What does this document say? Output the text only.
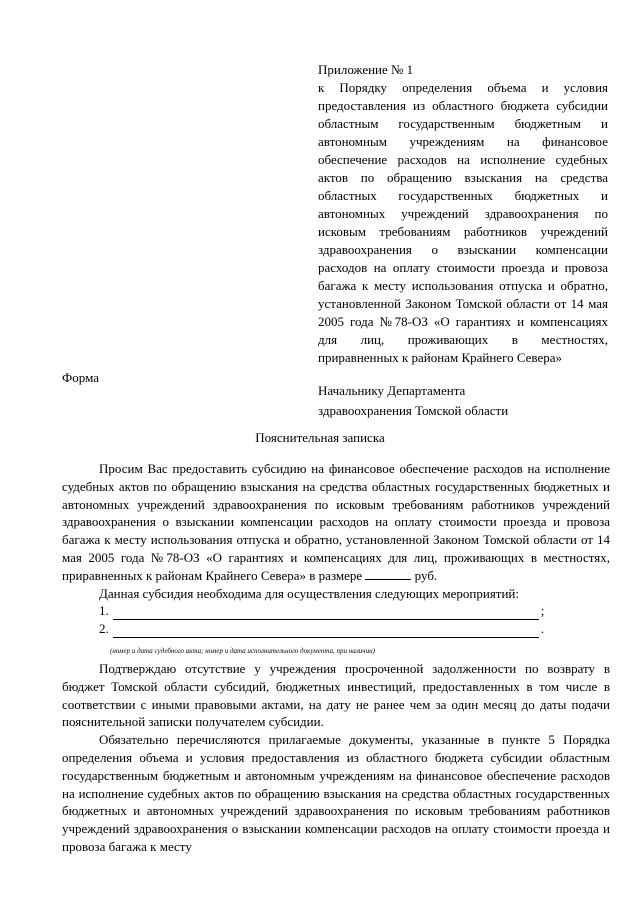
Приложение № 1
к Порядку определения объема и условия предоставления из областного бюджета субсидии областным государственным бюджетным и автономным учреждениям на финансовое обеспечение расходов на исполнение судебных актов по обращению взыскания на средства областных государственных бюджетных и автономных учреждений здравоохранения по исковым требованиям работников учреждений здравоохранения о взыскании компенсации расходов на оплату стоимости проезда и провоза багажа к месту использования отпуска и обратно, установленной Законом Томской области от 14 мая 2005 года №78-ОЗ «О гарантиях и компенсациях для лиц, проживающих в местностях, приравненных к районам Крайнего Севера»
Форма
Начальнику Департамента
здравоохранения Томской области
Пояснительная записка

Просим Вас предоставить субсидию на финансовое обеспечение расходов на исполнение судебных актов по обращению взыскания на средства областных государственных бюджетных и автономных учреждений здравоохранения по исковым требованиям работников учреждений здравоохранения о взыскании компенсации расходов на оплату стоимости проезда и провоза багажа к месту использования отпуска и обратно, установленной Законом Томской области от 14 мая 2005 года №78-ОЗ «О гарантиях и компенсациях для лиц, проживающих в местностях, приравненных к районам Крайнего Севера» в размере	руб.

Данная субсидия необходима для осуществления следующих мероприятий:

1.	;
2.	.
(номер и дата судебного акта; номер и дата исполнительного документа, при наличии)

Подтверждаю отсутствие у учреждения просроченной задолженности по возврату в бюджет Томской области субсидий, бюджетных инвестиций, предоставленных в том числе в соответствии с иными правовыми актами, на дату не ранее чем за один месяц до даты подачи пояснительной записки получателем субсидии.

Обязательно перечисляются прилагаемые документы, указанные в пункте 5 Порядка определения объема и условия предоставления из областного бюджета субсидии областным государственным бюджетным и автономным учреждениям на финансовое обеспечение расходов на исполнение судебных актов по обращению взыскания на средства областных государственных бюджетных и автономных учреждений здравоохранения по исковым требованиям работников учреждений здравоохранения о взыскании компенсации расходов на оплату стоимости проезда и провоза багажа к месту
